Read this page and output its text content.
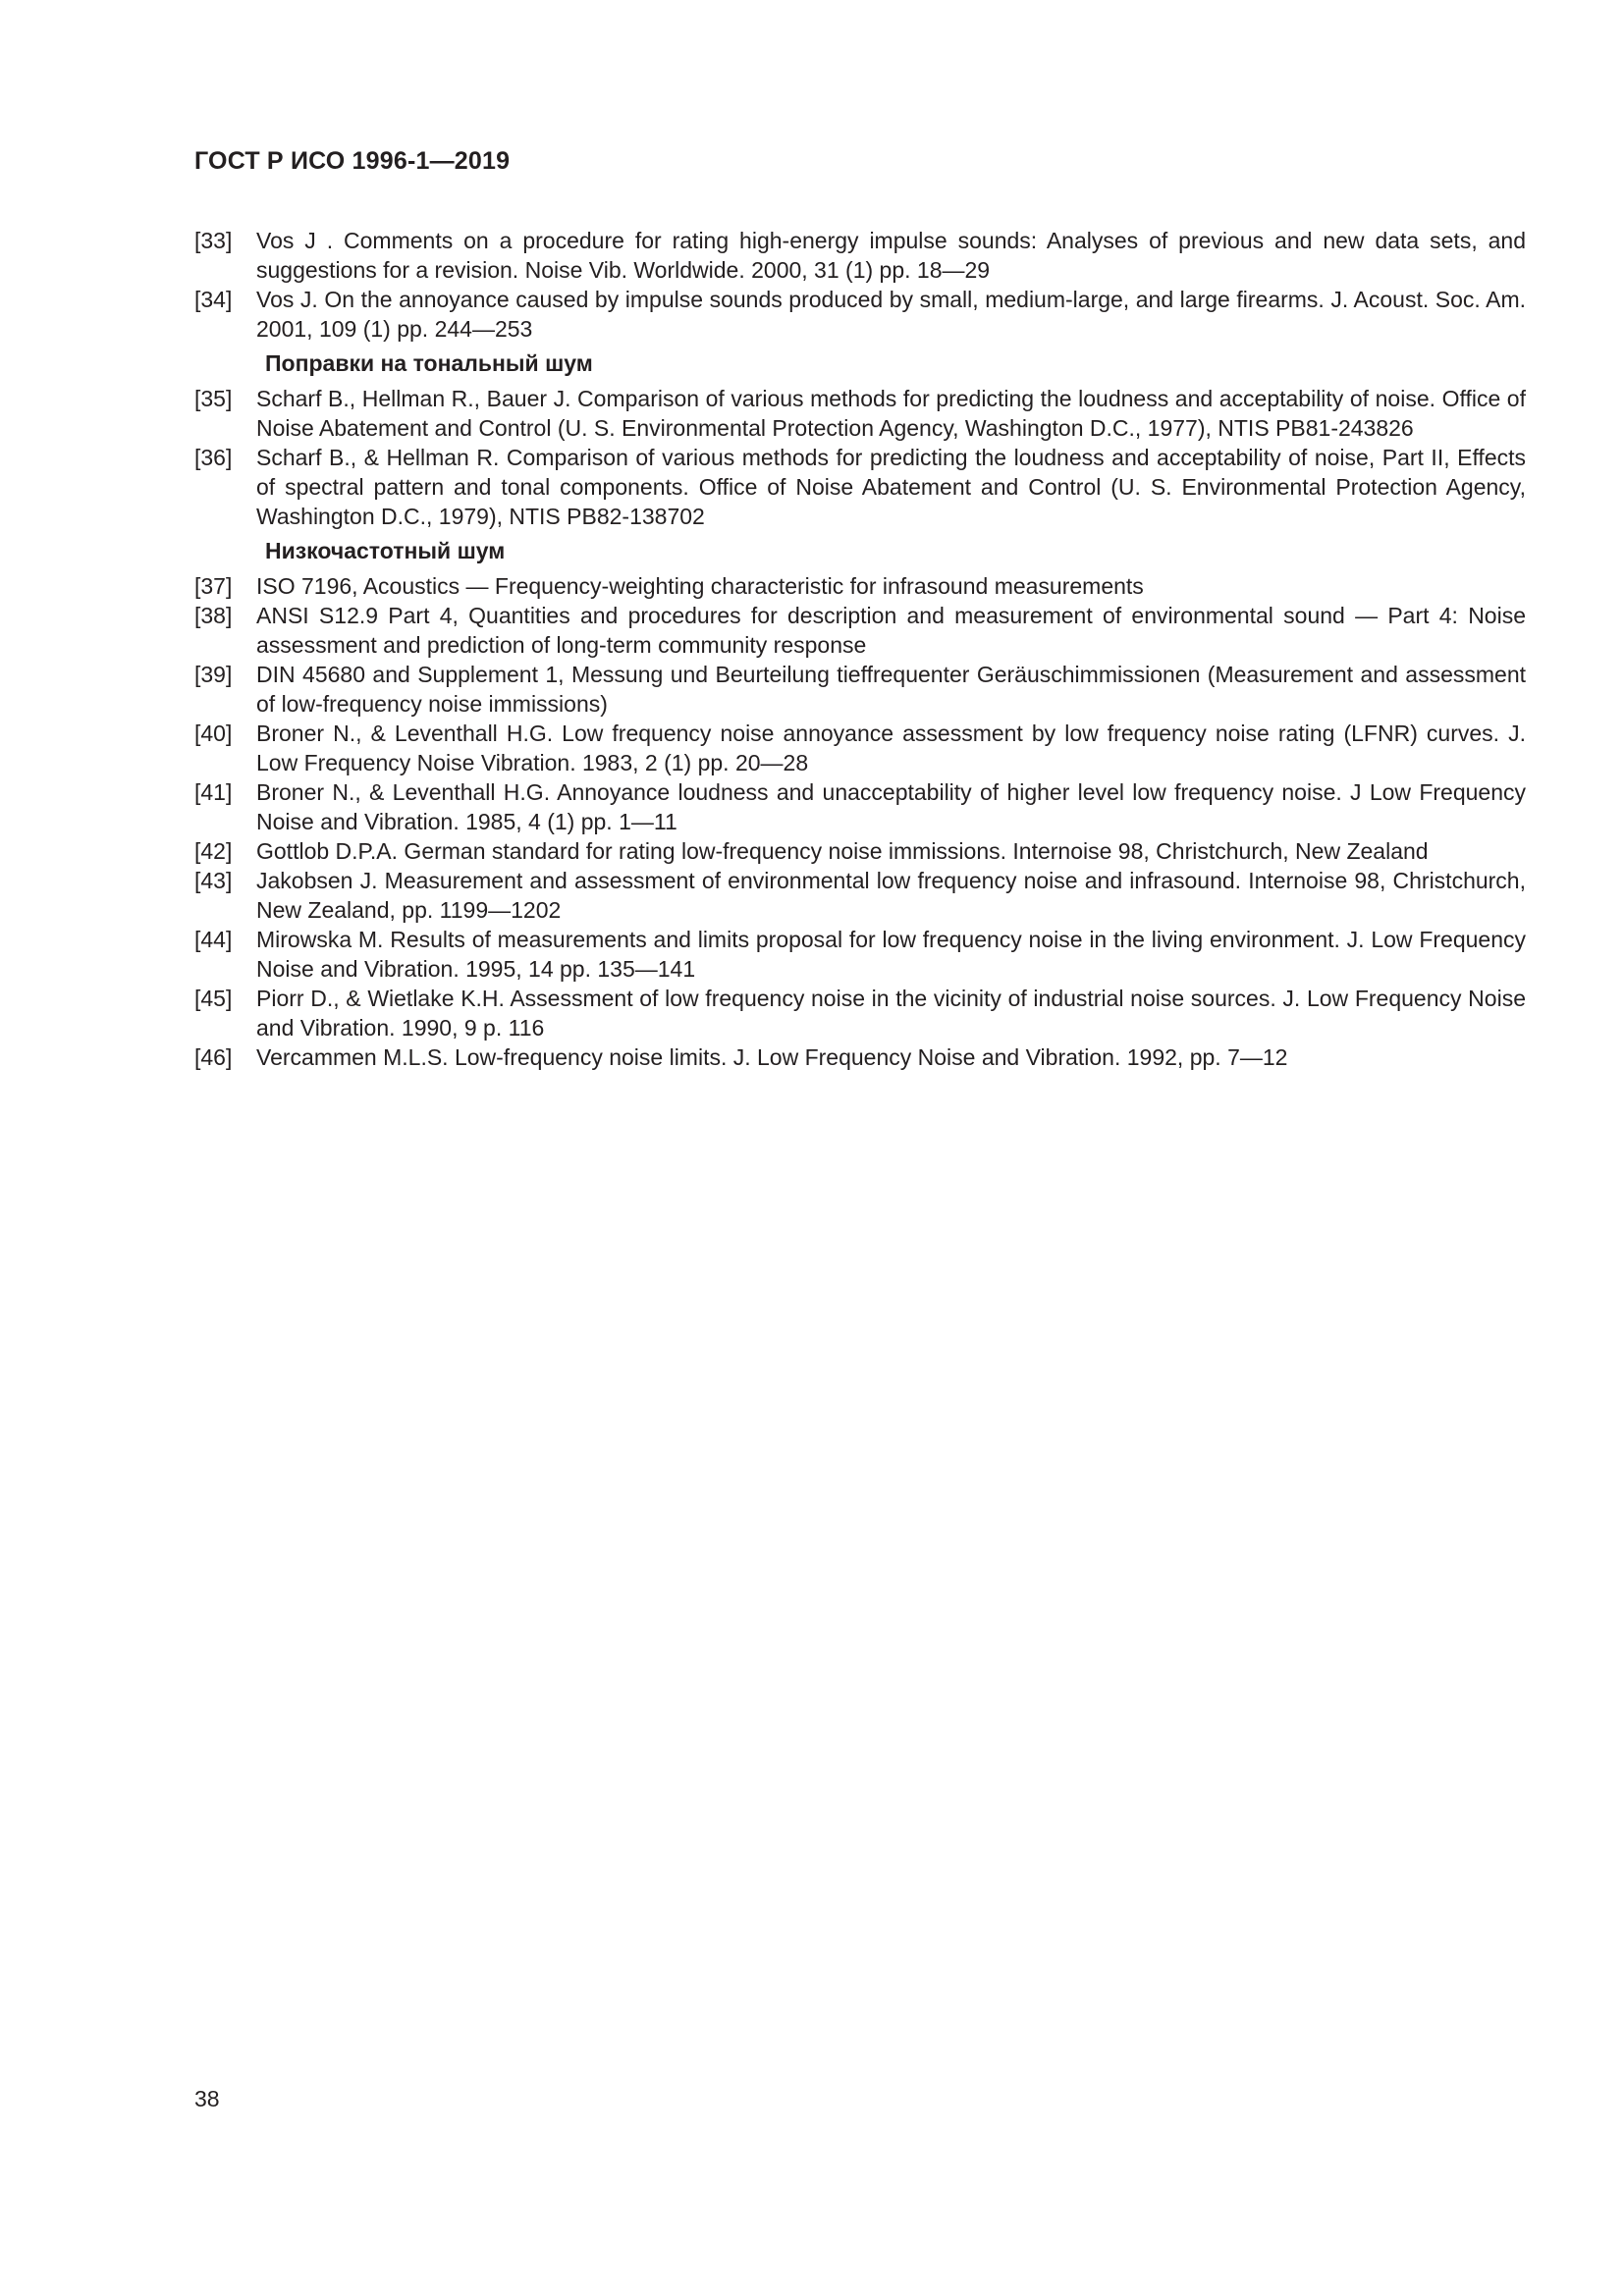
ГОСТ Р ИСО 1996-1—2019
[33]	Vos J . Comments on a procedure for rating high-energy impulse sounds: Analyses of previous and new data sets, and suggestions for a revision. Noise Vib. Worldwide. 2000, 31 (1) pp. 18—29
[34]	Vos J. On the annoyance caused by impulse sounds produced by small, medium-large, and large firearms. J. Acoust. Soc. Am. 2001, 109 (1) pp. 244—253
Поправки на тональный шум
[35]	Scharf B., Hellman R., Bauer J. Comparison of various methods for predicting the loudness and acceptability of noise. Office of Noise Abatement and Control (U. S. Environmental Protection Agency, Washington D.C., 1977), NTIS PB81-243826
[36]	Scharf B., & Hellman R. Comparison of various methods for predicting the loudness and acceptability of noise, Part II, Effects of spectral pattern and tonal components. Office of Noise Abatement and Control (U. S. Environmental Protection Agency, Washington D.C., 1979), NTIS PB82-138702
Низкочастотный шум
[37]	ISO 7196, Acoustics — Frequency-weighting characteristic for infrasound measurements
[38]	ANSI S12.9 Part 4, Quantities and procedures for description and measurement of environmental sound — Part 4: Noise assessment and prediction of long-term community response
[39]	DIN 45680 and Supplement 1, Messung und Beurteilung tieffrequenter Geräuschimmissionen (Measurement and assessment of low-frequency noise immissions)
[40]	Broner N., & Leventhall H.G. Low frequency noise annoyance assessment by low frequency noise rating (LFNR) curves. J. Low Frequency Noise Vibration. 1983, 2 (1) pp. 20—28
[41]	Broner N., & Leventhall H.G. Annoyance loudness and unacceptability of higher level low frequency noise. J Low Frequency Noise and Vibration. 1985, 4 (1) pp. 1—11
[42]	Gottlob D.P.A. German standard for rating low-frequency noise immissions. Internoise 98, Christchurch, New Zealand
[43]	Jakobsen J. Measurement and assessment of environmental low frequency noise and infrasound. Internoise 98, Christchurch, New Zealand, pp. 1199—1202
[44]	Mirowska M. Results of measurements and limits proposal for low frequency noise in the living environment. J. Low Frequency Noise and Vibration. 1995, 14 pp. 135—141
[45]	Piorr D., & Wietlake K.H. Assessment of low frequency noise in the vicinity of industrial noise sources. J. Low Frequency Noise and Vibration. 1990, 9 p. 116
[46]	Vercammen M.L.S. Low-frequency noise limits. J. Low Frequency Noise and Vibration. 1992, pp. 7—12
38
